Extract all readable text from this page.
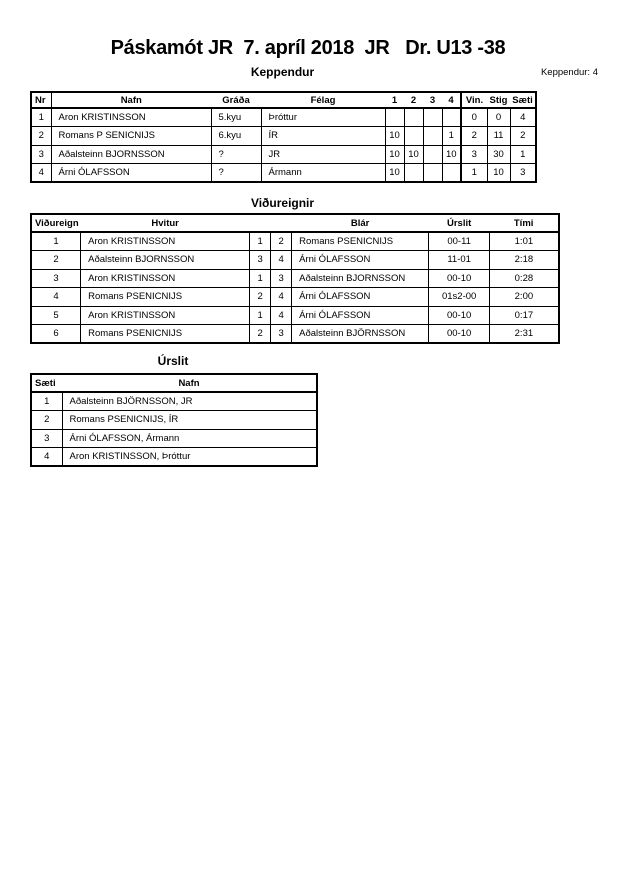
Páskamót JR  7. apríl 2018  JR   Dr. U13 -38
Keppendur	Keppendur: 4
Nr	Nafn	Gráða	Félag	1	2	3	4	Vin.	Stig	Sæti
1	Aron KRISTINSSON	5.kyu	Þróttur					0	0	4
2	Romans P SENICNIJS	6.kyu	ÍR	10			1	2	11	2
3	Aðalsteinn BJORNSSON	?	JR	10	10		10	3	30	1
4	Árni ÓLAFSSON	?	Ármann	10				1	10	3
Viðureignir
Viðureign	Hvitur			Blár	Úrslit	Tími
1	Aron KRISTINSSON	1	2	Romans PSENICNIJS	00-11	1:01
2	Aðalsteinn BJORNSSON	3	4	Árni ÓLAFSSON	11-01	2:18
3	Aron KRISTINSSON	1	3	Aðalsteinn BJORNSSON	00-10	0:28
4	Romans PSENICNIJS	2	4	Árni ÓLAFSSON	01s2-00	2:00
5	Aron KRISTINSSON	1	4	Árni ÓLAFSSON	00-10	0:17
6	Romans PSENICNIJS	2	3	Aðalsteinn BJÖRNSSON	00-10	2:31
Úrslit
Sæti	Nafn
1	Aðalsteinn BJÖRNSSON, JR
2	Romans PSENICNIJS, ÍR
3	Árni ÓLAFSSON, Ármann
4	Aron KRISTINSSON, Þróttur
